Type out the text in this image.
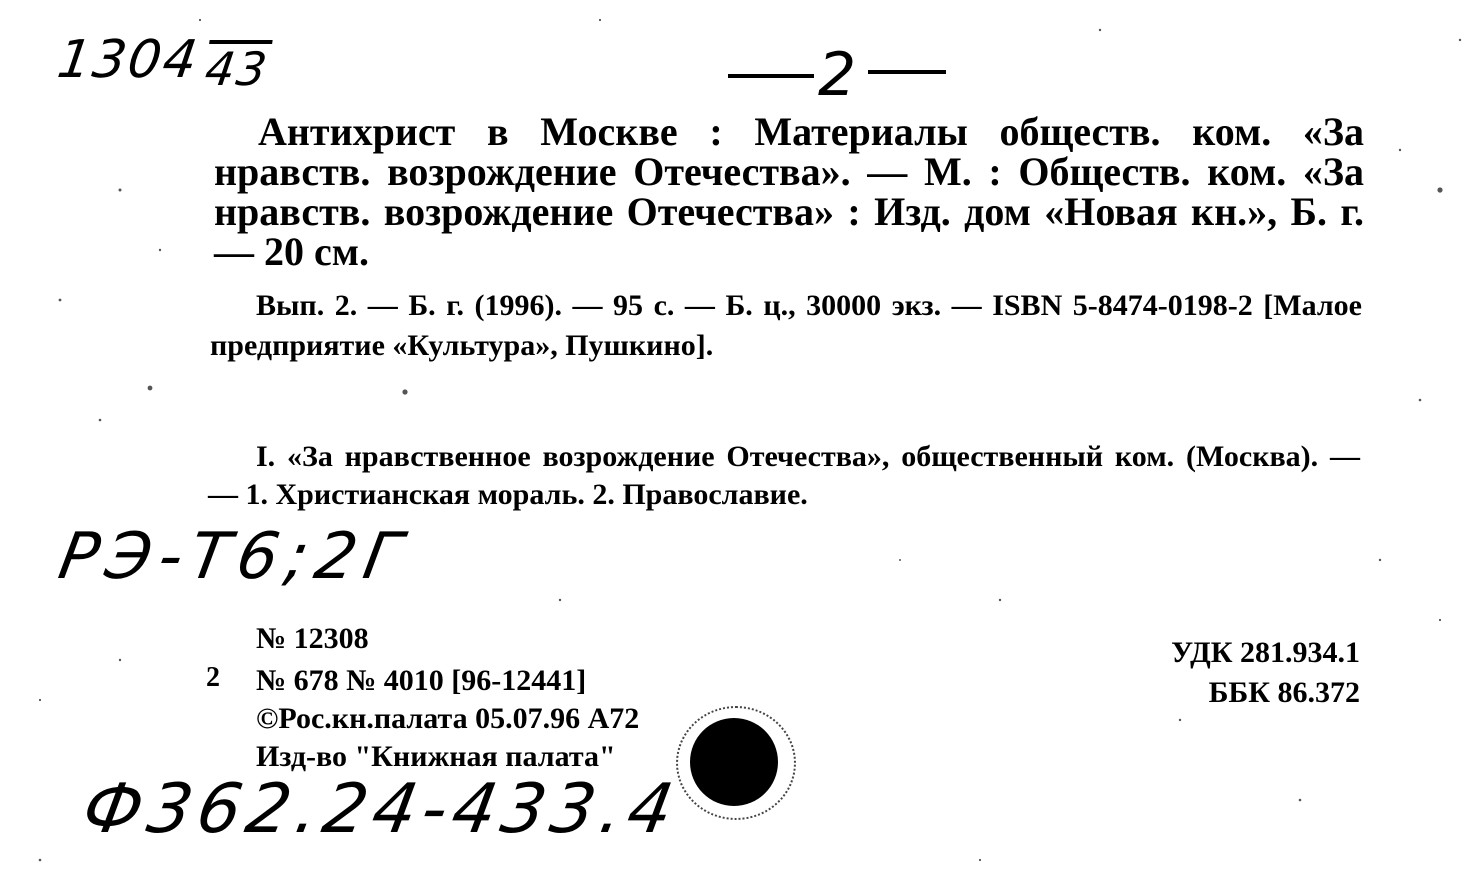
1304 43	2

Антихрист в Москве : Материалы обществ. ком. «За нравств. возрождение Отечества». — М. : Обществ. ком. «За нравств. возрождение Отечества» : Изд. дом «Новая кн.», Б. г. — 20 см.

Вып. 2. — Б. г. (1996). — 95 с. — Б. ц., 30000 экз. — ISBN 5-8474-0198-2 [Малое предприятие «Культура», Пушкино].

I. «За нравственное возрождение Отечества», общественный ком. (Москва). — — 1. Христианская мораль. 2. Православие.

РЭ-Т6;2Г
№ 12308
2 № 678 № 4010 [96-12441]
©Рос.кн.палата 05.07.96 А72
Изд-во "Книжная палата"
УДК 281.934.1
ББК 86.372
Ф362.24-433.4
